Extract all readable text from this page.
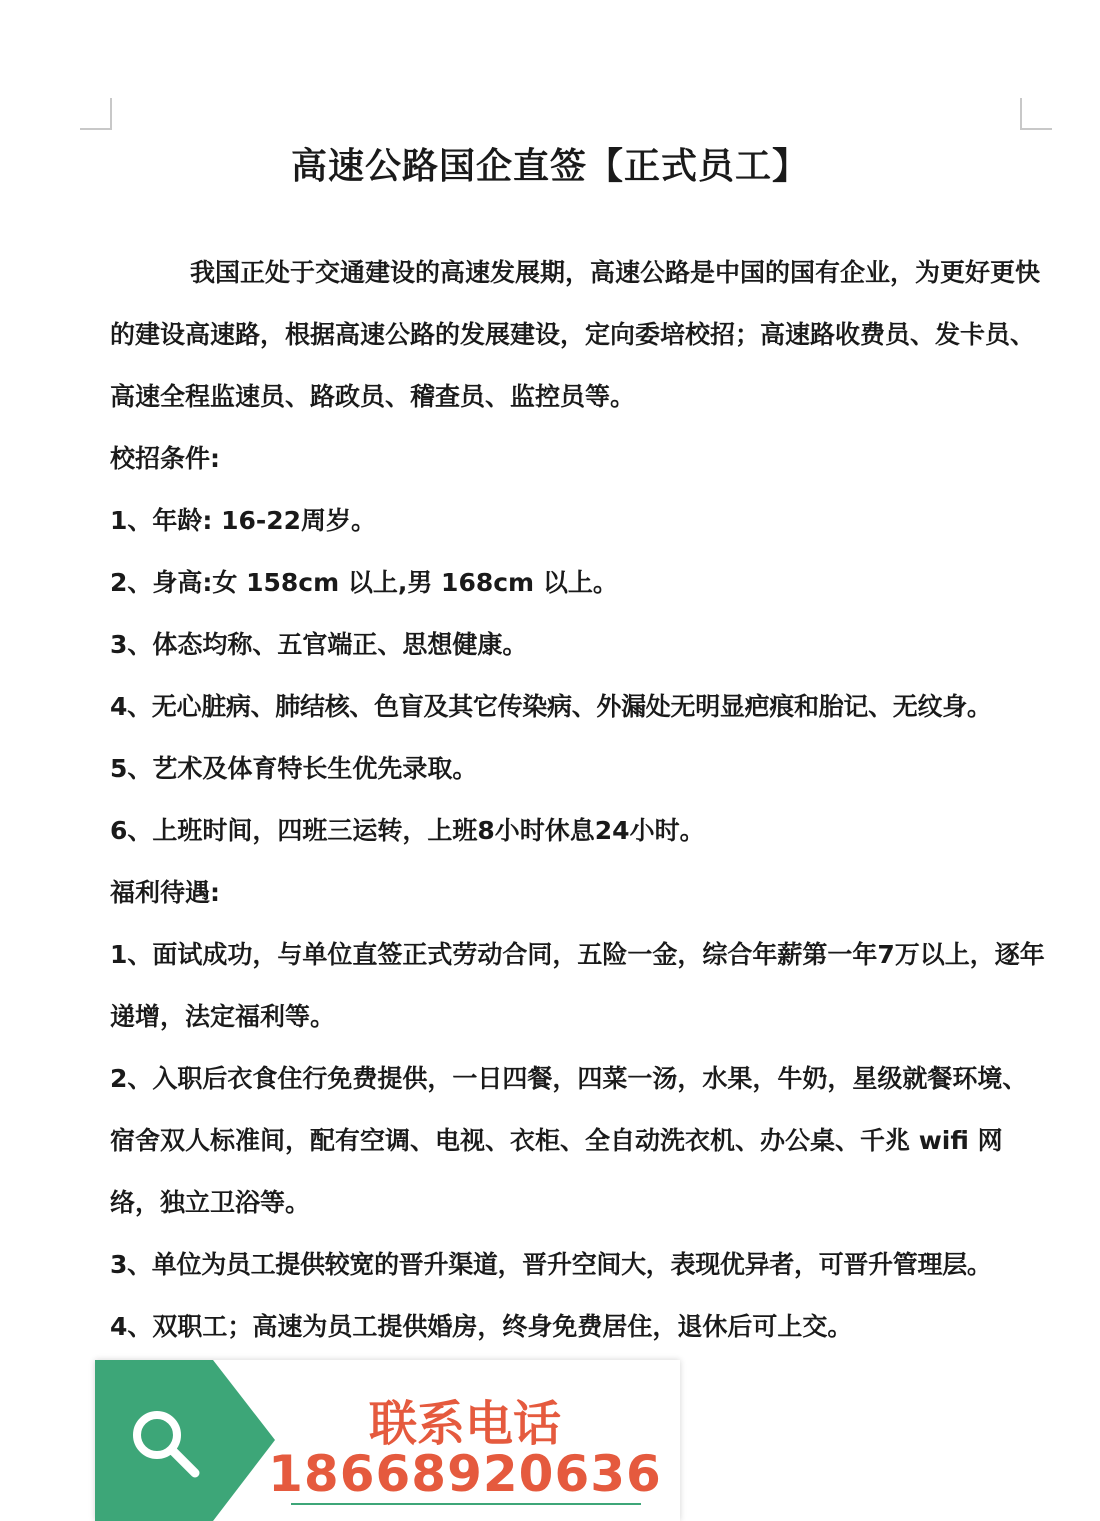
高速公路国企直签【正式员工】

我国正处于交通建设的高速发展期，高速公路是中国的国有企业，为更好更快的建设高速路，根据高速公路的发展建设，定向委培校招；高速路收费员、发卡员、高速全程监速员、路政员、稽查员、监控员等。

校招条件:

1、年龄: 16-22周岁。

2、身高:女 158cm 以上,男 168cm 以上。

3、体态均称、五官端正、思想健康。

4、无心脏病、肺结核、色盲及其它传染病、外漏处无明显疤痕和胎记、无纹身。

5、艺术及体育特长生优先录取。

6、上班时间，四班三运转，上班8小时休息24小时。

福利待遇:

1、面试成功，与单位直签正式劳动合同，五险一金，综合年薪第一年7万以上，逐年递增，法定福利等。

2、入职后衣食住行免费提供，一日四餐，四菜一汤，水果，牛奶，星级就餐环境、宿舍双人标准间，配有空调、电视、衣柜、全自动洗衣机、办公桌、千兆 wifi 网络，独立卫浴等。

3、单位为员工提供较宽的晋升渠道，晋升空间大，表现优异者，可晋升管理层。

4、双职工；高速为员工提供婚房，终身免费居住，退休后可上交。

联系电话
18668920636
